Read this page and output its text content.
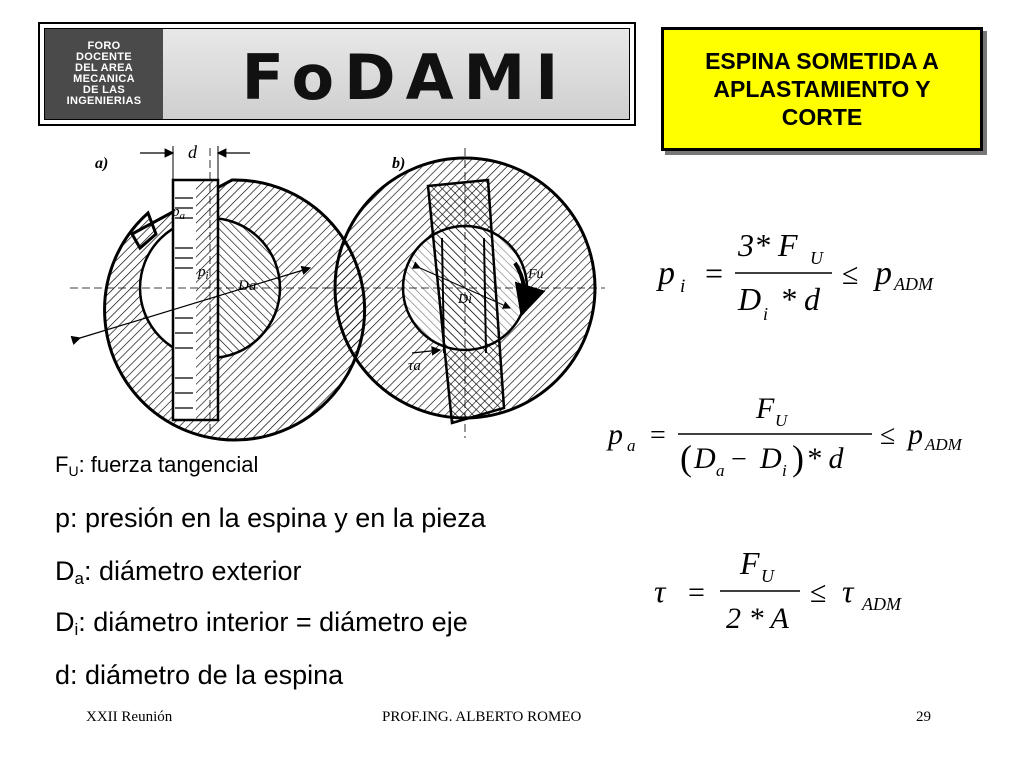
FORO
DOCENTE
DEL AREA
MECANICA
DE LAS
INGENIERIAS	FoDAMI	ESPINA SOMETIDA A
APLASTAMIENTO Y
CORTE
d
Da
$p_a$
$p_i$
a)
Fu
Di
τa
b)
p i =
3* F U
D i * d
≤ p ADM
p a =
F U
( D a − D i ) * d
≤ p ADM
τ =
F U
2 * A
≤ τ ADM
$F_U$: fuerza tangencial
p: presión en la espina y en la pieza
$D_a$: diámetro exterior
$D_i$: diámetro interior = diámetro eje
d: diámetro de la espina
XXII Reunión	PROF.ING. ALBERTO ROMEO	29
